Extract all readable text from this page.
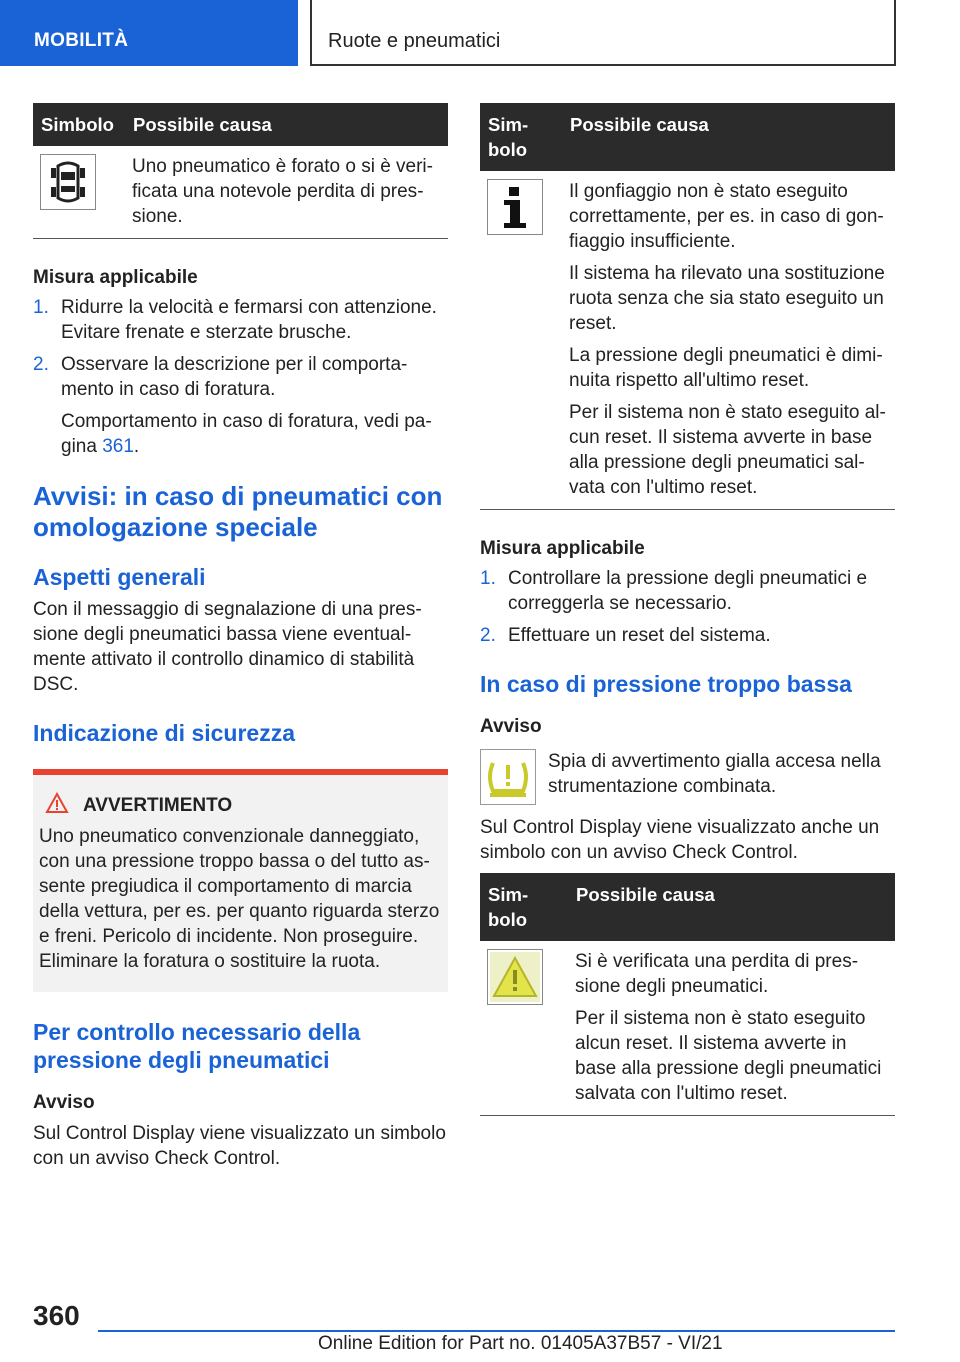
MOBILITÀ	Ruote e pneumatici
Simbolo	Possibile causa

	Uno pneumatico è forato o si è verificata una notevole perdita di pressione.
Misura applicabile
1. Ridurre la velocità e fermarsi con attenzione. Evitare frenate e sterzate brusche.

2. Osservare la descrizione per il comportamento in caso di foratura.

Comportamento in caso di foratura, vedi pagina 361.

Avvisi: in caso di pneumatici con omologazione speciale
Aspetti generali

Con il messaggio di segnalazione di una pressione degli pneumatici bassa viene eventualmente attivato il controllo dinamico di stabilità DSC.

Indicazione di sicurezza
AVVERTIMENTO

Uno pneumatico convenzionale danneggiato, con una pressione troppo bassa o del tutto assente pregiudica il comportamento di marcia della vettura, per es. per quanto riguarda sterzo e freni. Pericolo di incidente. Non proseguire. Eliminare la foratura o sostituire la ruota.

Per controllo necessario della pressione degli pneumatici
Avviso

Sul Control Display viene visualizzato un simbolo con un avviso Check Control.

Simbolo	Possibile causa

Il gonfiaggio non è stato eseguito correttamente, per es. in caso di gonfiaggio insufficiente.

Il sistema ha rilevato una sostituzione ruota senza che sia stato eseguito un reset.

La pressione degli pneumatici è diminuita rispetto all'ultimo reset.

Per il sistema non è stato eseguito alcun reset. Il sistema avverte in base alla pressione degli pneumatici salvata con l'ultimo reset.

Misura applicabile
1. Controllare la pressione degli pneumatici e correggerla se necessario.

2. Effettuare un reset del sistema.

In caso di pressione troppo bassa
Avviso

Spia di avvertimento gialla accesa nella strumentazione combinata.

Sul Control Display viene visualizzato anche un simbolo con un avviso Check Control.

Simbolo	Possibile causa

Si è verificata una perdita di pressione degli pneumatici.

Per il sistema non è stato eseguito alcun reset. Il sistema avverte in base alla pressione degli pneumatici salvata con l'ultimo reset.

360
Online Edition for Part no. 01405A37B57 - VI/21
